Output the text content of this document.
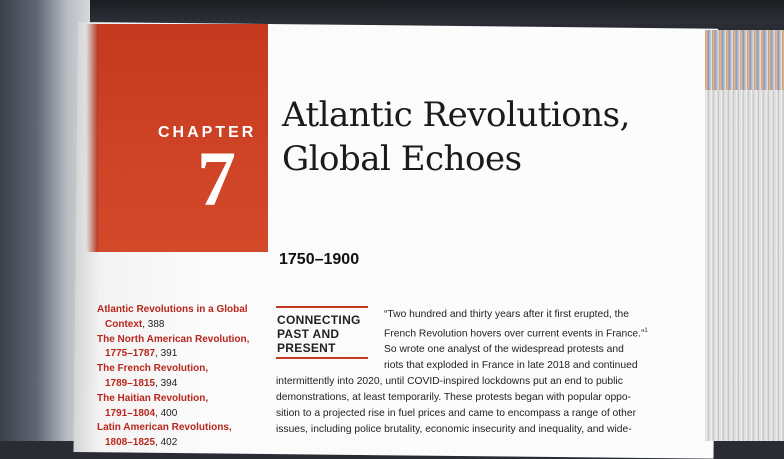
CHAPTER
7
Atlantic Revolutions,
Global Echoes
1750–1900
Atlantic Revolutions in a Global
Context, 388
The North American Revolution,
1775–1787, 391
The French Revolution,
1789–1815, 394
The Haitian Revolution,
1791–1804, 400
Latin American Revolutions,
1808–1825, 402
CONNECTING
PAST AND
PRESENT
“Two hundred and thirty years after it first erupted, the
French Revolution hovers over current events in France.”$^1$
So wrote one analyst of the widespread protests and
riots that exploded in France in late 2018 and continued
intermittently into 2020, until COVID-inspired lockdowns put an end to public
demonstrations, at least temporarily. These protests began with popular oppo-
sition to a projected rise in fuel prices and came to encompass a range of other
issues, including police brutality, economic insecurity and inequality, and wide-
